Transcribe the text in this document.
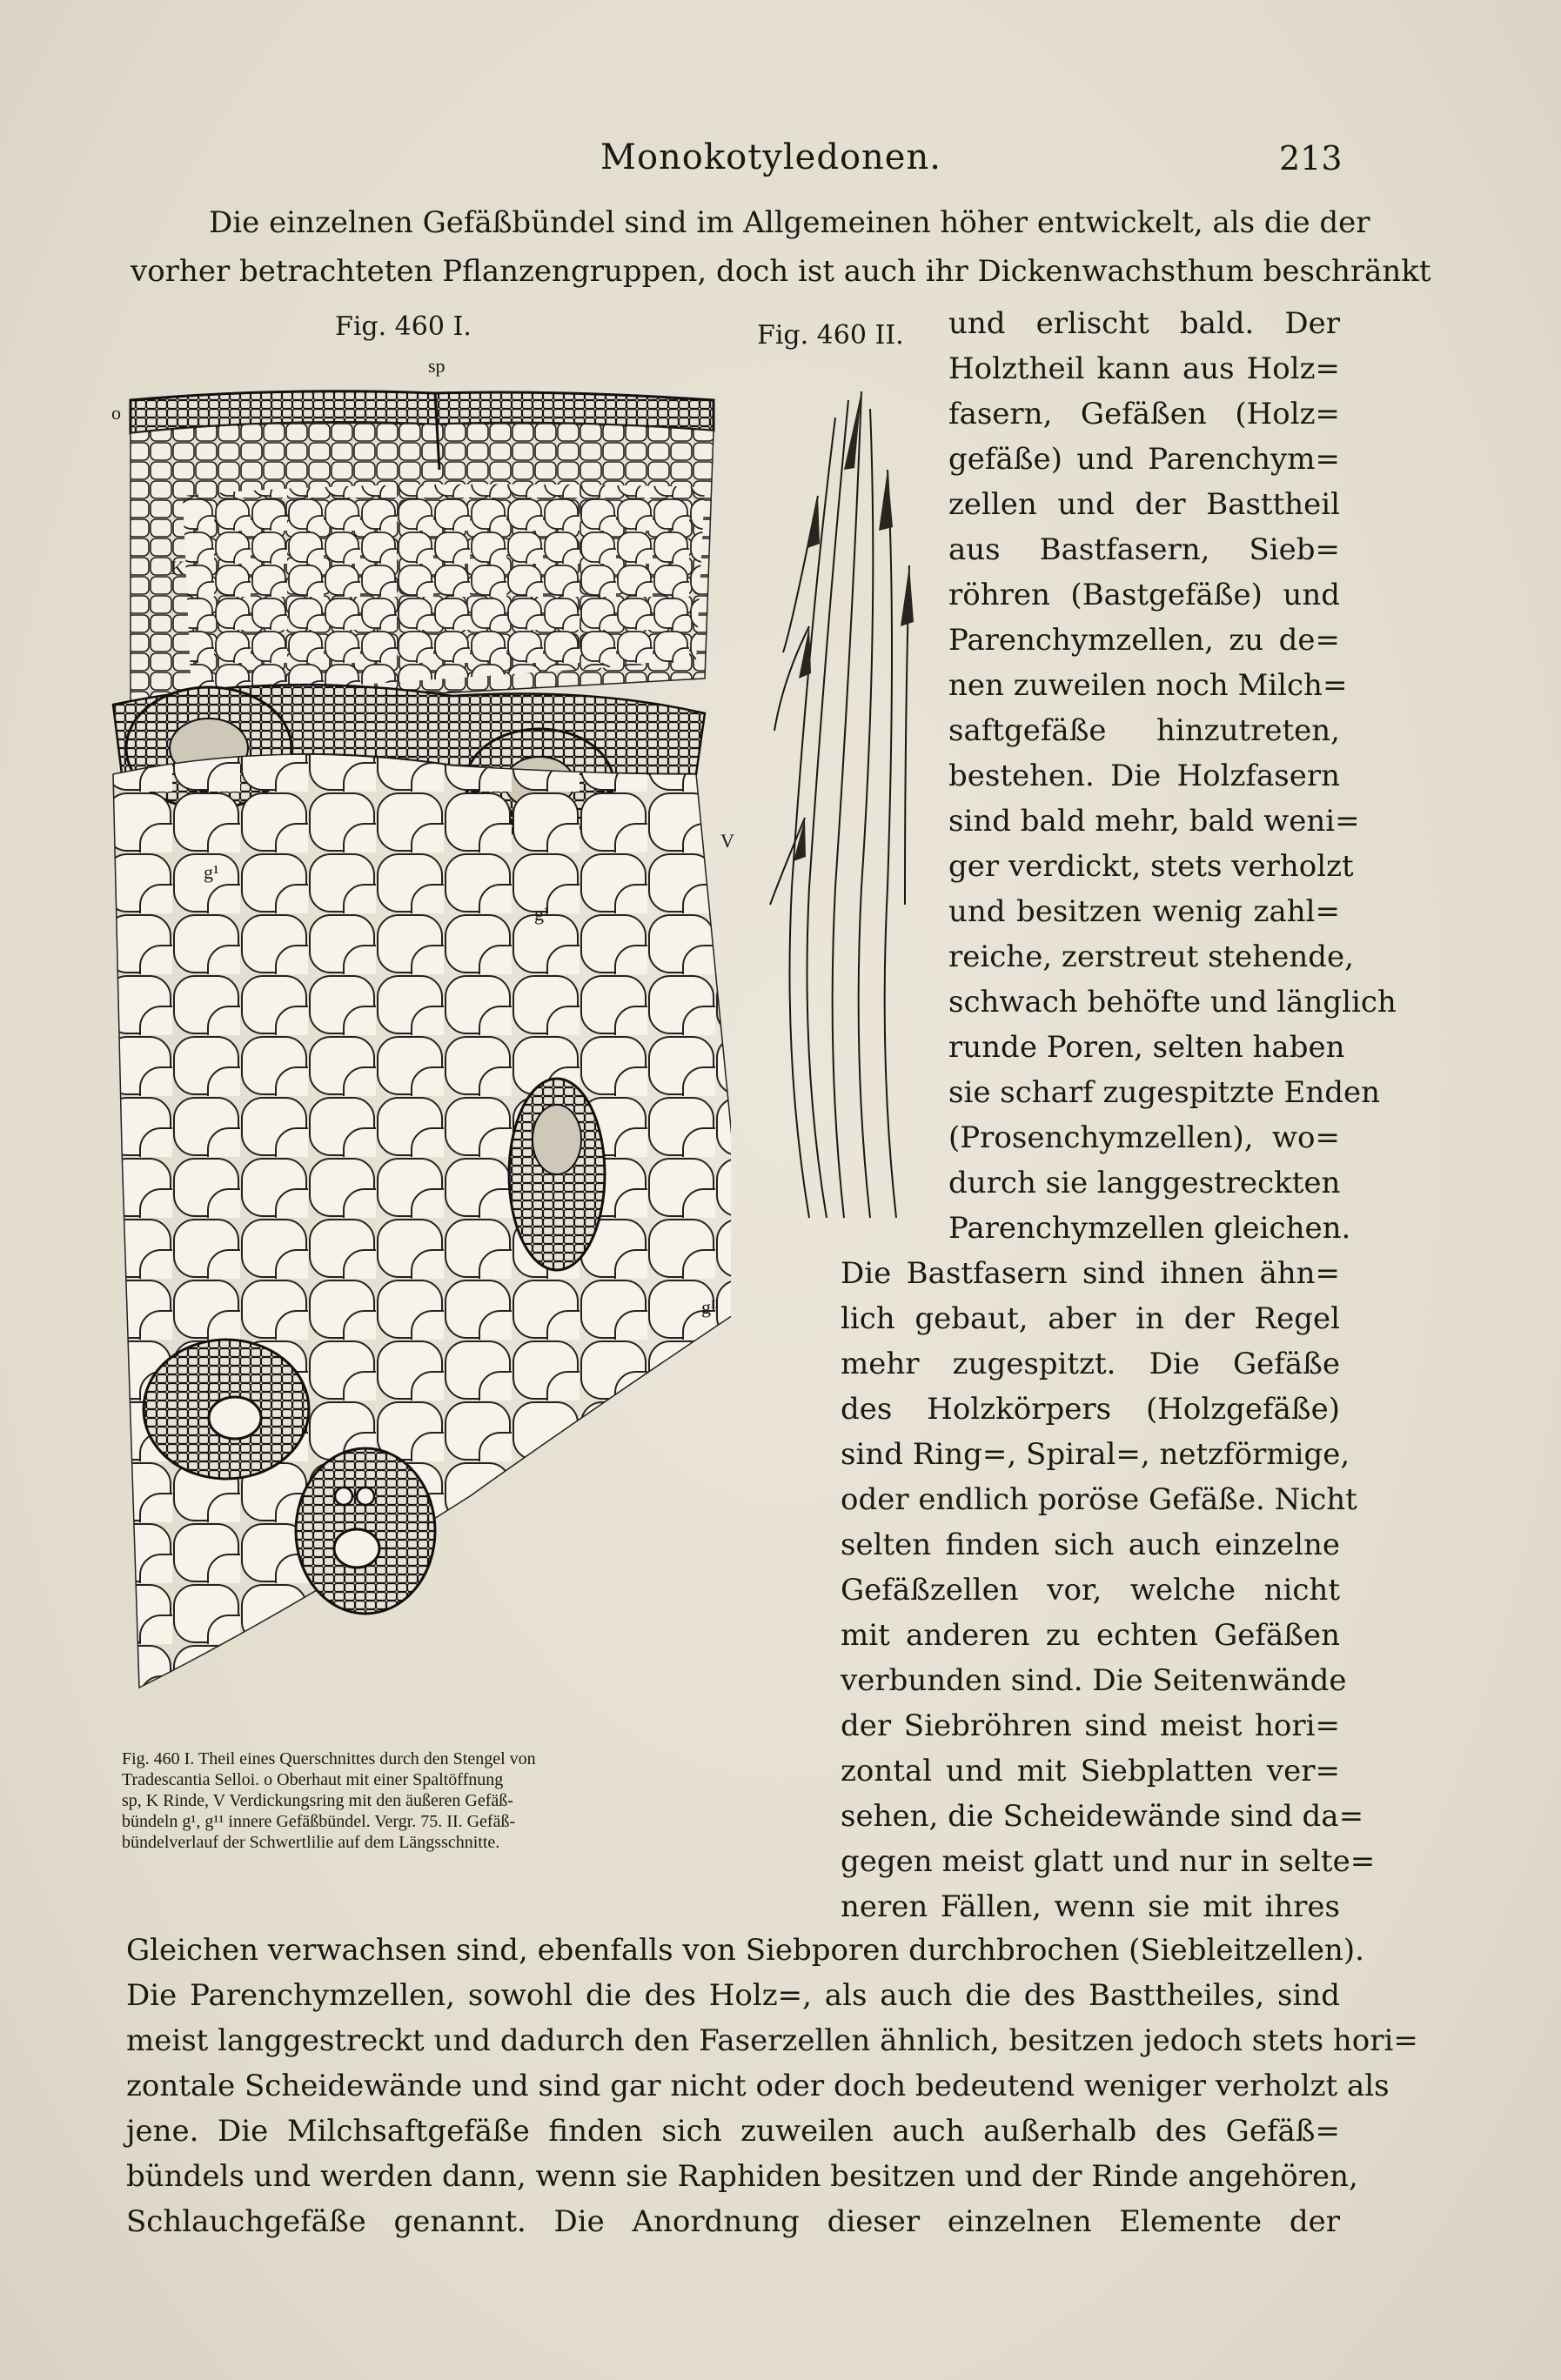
Monokotyledonen.	213
Die einzelnen Gefäßbündel sind im Allgemeinen höher entwickelt, als die der
vorher betrachteten Pflanzengruppen, doch ist auch ihr Dickenwachsthum beschränkt
Fig. 460 I.	Fig. 460 II.
sp
o
K
V
g¹
g¹
gᴵᴵ
Fig. 460 I. Theil eines Querschnittes durch den Stengel von
Tradescantia Selloi. o Oberhaut mit einer Spaltöffnung
sp, K Rinde, V Verdickungsring mit den äußeren Gefäß-
bündeln g¹, g¹¹ innere Gefäßbündel. Vergr. 75. II. Gefäß-
bündelverlauf der Schwertlilie auf dem Längsschnitte.
und erlischt bald. Der
Holztheil kann aus Holz=
fasern, Gefäßen (Holz=
gefäße) und Parenchym=
zellen und der Basttheil
aus Bastfasern, Sieb=
röhren (Bastgefäße) und
Parenchymzellen, zu de=
nen zuweilen noch Milch=
saftgefäße hinzutreten,
bestehen. Die Holzfasern
sind bald mehr, bald weni=
ger verdickt, stets verholzt
und besitzen wenig zahl=
reiche, zerstreut stehende,
schwach behöfte und länglich
runde Poren, selten haben
sie scharf zugespitzte Enden
(Prosenchymzellen), wo=
durch sie langgestreckten
Parenchymzellen gleichen.
Die Bastfasern sind ihnen ähn=
lich gebaut, aber in der Regel
mehr zugespitzt. Die Gefäße
des Holzkörpers (Holzgefäße)
sind Ring=, Spiral=, netzförmige,
oder endlich poröse Gefäße. Nicht
selten finden sich auch einzelne
Gefäßzellen vor, welche nicht
mit anderen zu echten Gefäßen
verbunden sind. Die Seitenwände
der Siebröhren sind meist hori=
zontal und mit Siebplatten ver=
sehen, die Scheidewände sind da=
gegen meist glatt und nur in selte=
neren Fällen, wenn sie mit ihres
Gleichen verwachsen sind, ebenfalls von Siebporen durchbrochen (Siebleitzellen).
Die Parenchymzellen, sowohl die des Holz=, als auch die des Basttheiles, sind
meist langgestreckt und dadurch den Faserzellen ähnlich, besitzen jedoch stets hori=
zontale Scheidewände und sind gar nicht oder doch bedeutend weniger verholzt als
jene. Die Milchsaftgefäße finden sich zuweilen auch außerhalb des Gefäß=
bündels und werden dann, wenn sie Raphiden besitzen und der Rinde angehören,
Schlauchgefäße genannt. Die Anordnung dieser einzelnen Elemente der
